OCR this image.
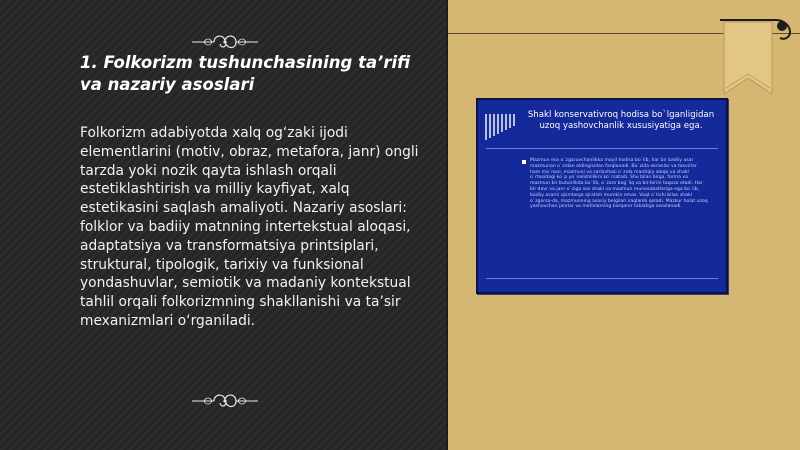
1. Folkorizm tushunchasining ta’rifi va nazariy asoslari
Folkorizm adabiyotda xalq og‘zaki ijodi elementlarini (motiv, obraz, metafora, janr) ongli tarzda yoki nozik qayta ishlash orqali estetiklashtirish va milliy kayfiyat, xalq estetikasini saqlash amaliyoti. Nazariy asoslari: folklor va badiiy matnning intertekstual aloqasi, adaptatsiya va transformatsiya printsiplari, struktural, tipologik, tarixiy va funksional yondashuvlar, semiotik va madaniy kontekstual tahlil orqali folkorizmning shakllanishi va ta’sir mexanizmlari o‘rganiladi.
Shakl konservativroq hodisa bo`lganligidan uzoq yashovchanlik xususiyatiga ega.
Mazmun esa o`zgaruvchanlikka moyil hodisa bo`lib, har bir badiiy asar mazmunan o`zidan oldingisidan farqlanadi. Ba`zida ekranlar va tasvirlar ham ma`nosi, mazmuni va sarlavhasi o`zida mantiqiy aloqa va shakl o`rtasidagi ko`p yo`nalishlilikni ko`rsatadi. Shu bilan birga, forma va mazmun bir butunlikda bo`lib, o`zaro bog`liq va bir-birini taqozo etadi. Har bir davr va janr o`ziga xos shakl va mazmun munosabatlariga ega bo`lib, badiiy asarni qismlarga ajratish mumkin emas. Vaqt o`tishi bilan shakl o`zgarsa-da, mazmunning asosiy belgilari saqlanib qoladi. Mazkur holat uzoq yashovchan janrlar va motivlarning barqaror tabiatiga asoslanadi.
